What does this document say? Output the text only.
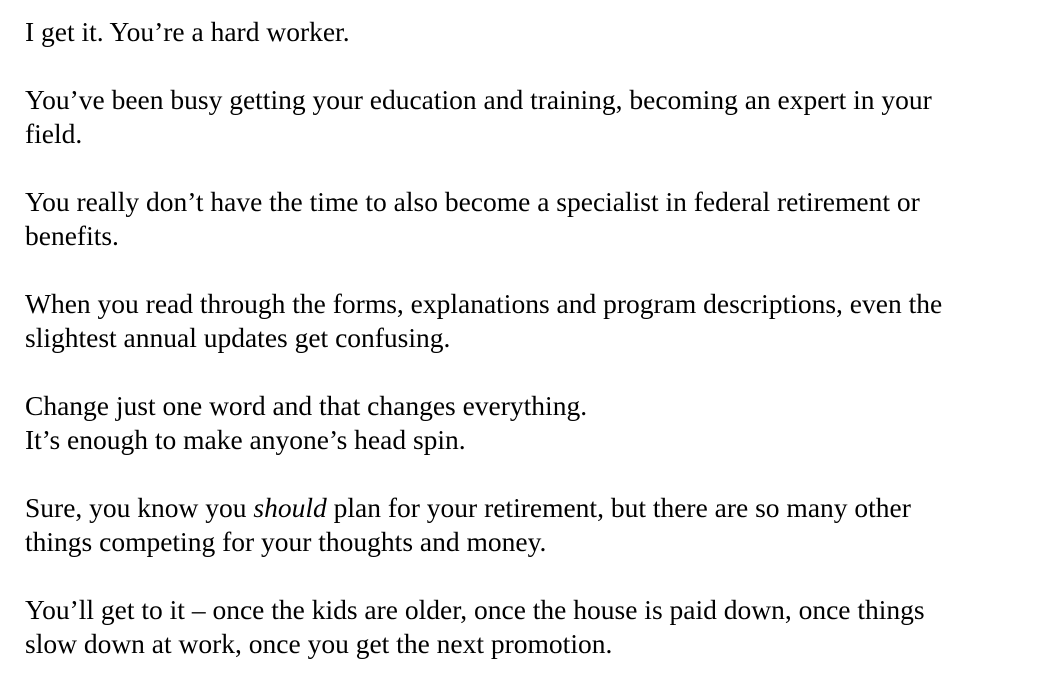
I get it. You’re a hard worker.

You’ve been busy getting your education and training, becoming an expert in your
field.

You really don’t have the time to also become a specialist in federal retirement or
benefits.

When you read through the forms, explanations and program descriptions, even the
slightest annual updates get confusing.

Change just one word and that changes everything.
It’s enough to make anyone’s head spin.

Sure, you know you should plan for your retirement, but there are so many other
things competing for your thoughts and money.

You’ll get to it – once the kids are older, once the house is paid down, once things
slow down at work, once you get the next promotion.
